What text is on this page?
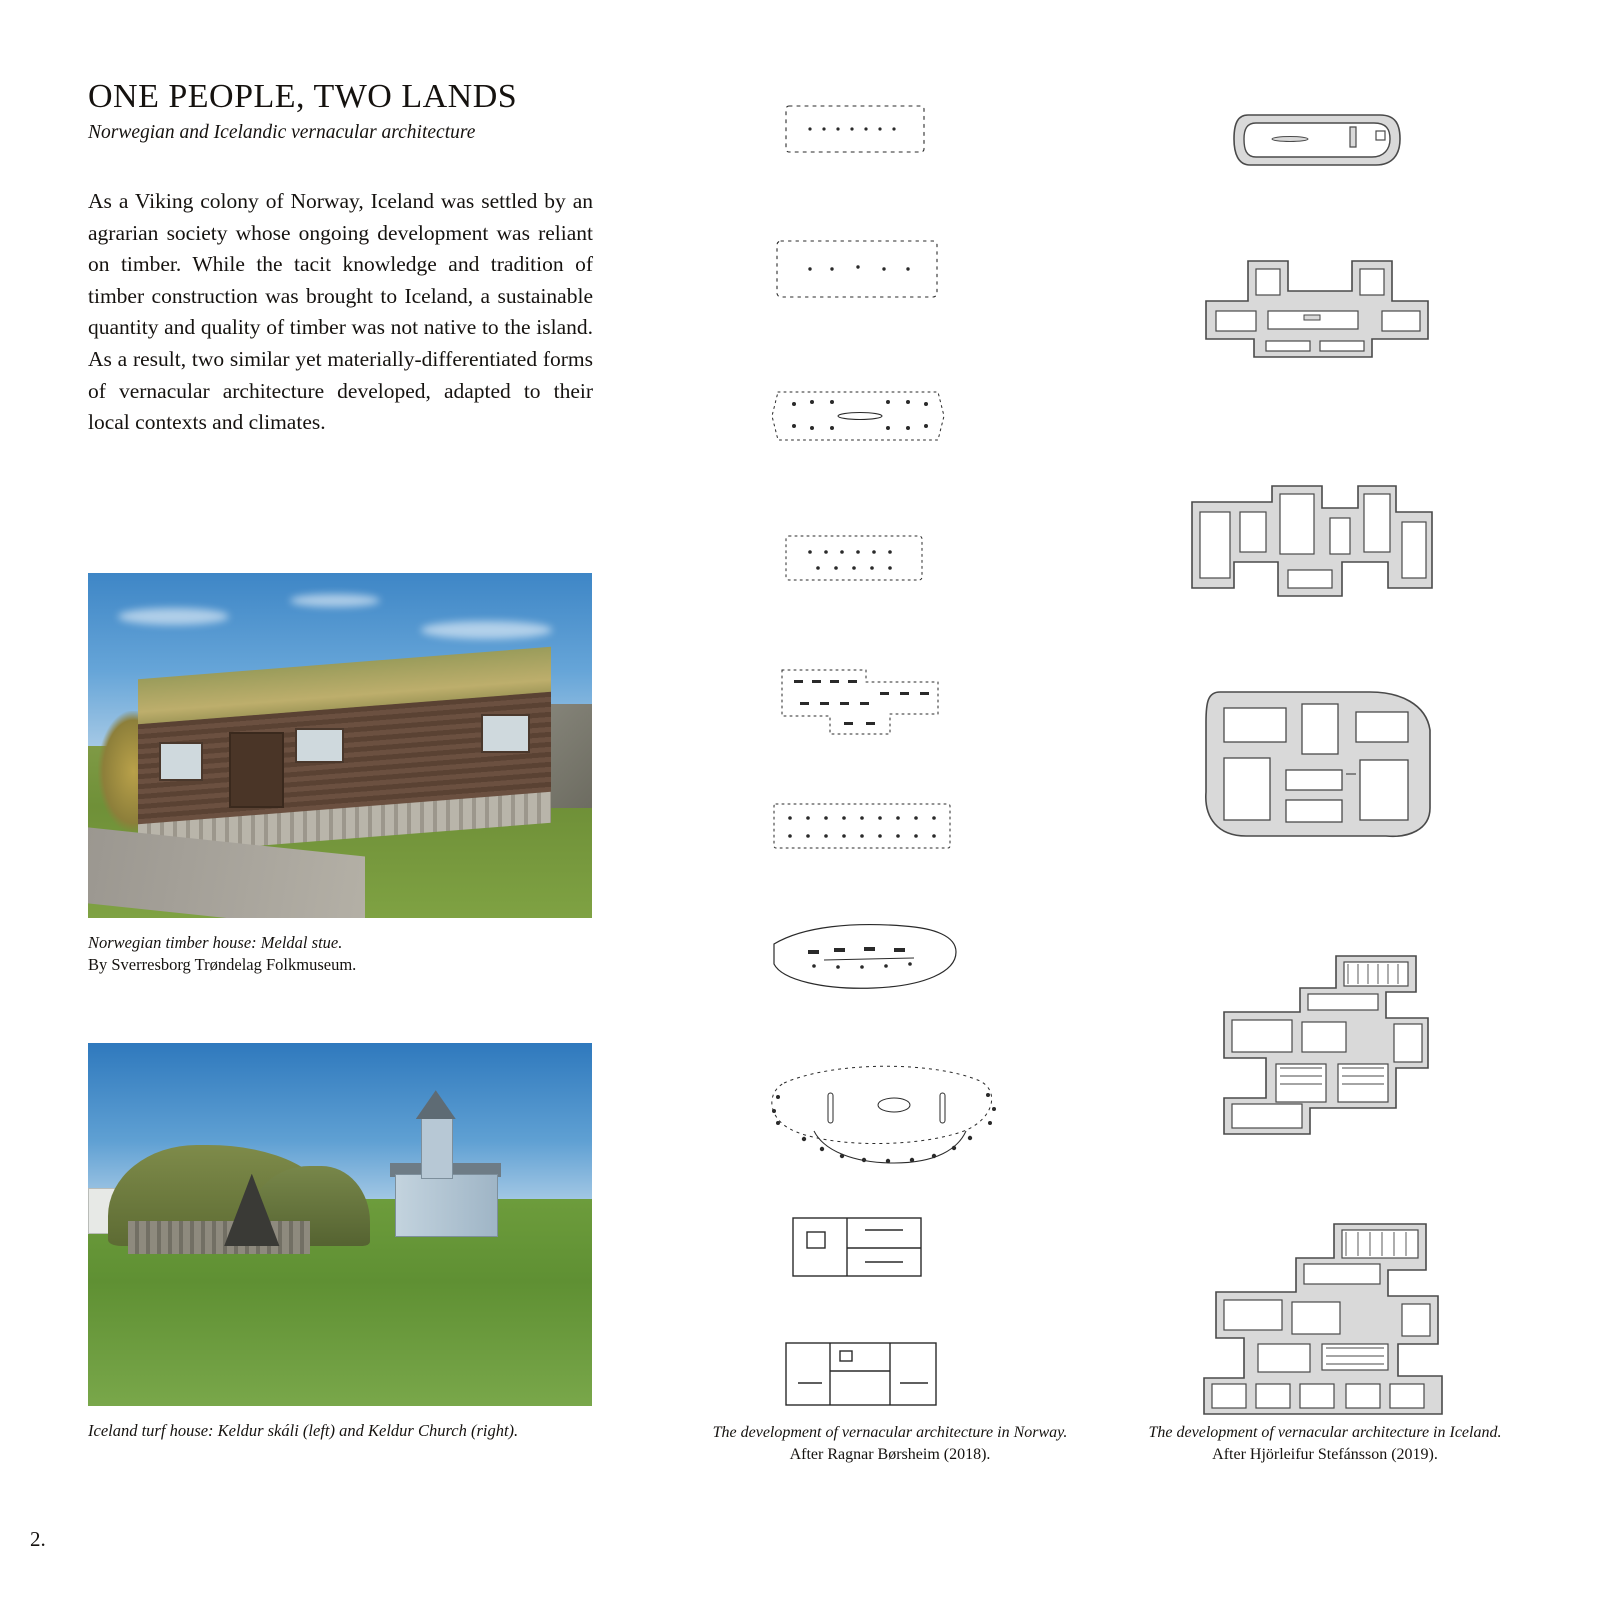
ONE PEOPLE, TWO LANDS
Norwegian and Icelandic vernacular architecture

As a Viking colony of Norway, Iceland was settled by an agrarian society whose ongoing development was reliant on timber. While the tacit knowledge and tradition of timber construction was brought to Iceland, a sustainable quantity and quality of timber was not native to the island. As a result, two similar yet materially-differentiated forms of vernacular architecture developed, adapted to their local contexts and climates.

Norwegian timber house: Meldal stue.
By Sverresborg Trøndelag Folkmuseum.
Iceland turf house: Keldur skáli (left) and Keldur Church (right).	The development of vernacular architecture in Norway.
After Ragnar Børsheim (2018).
The development of vernacular architecture in Iceland. After Hjörleifur Stefánsson (2019).
2.
